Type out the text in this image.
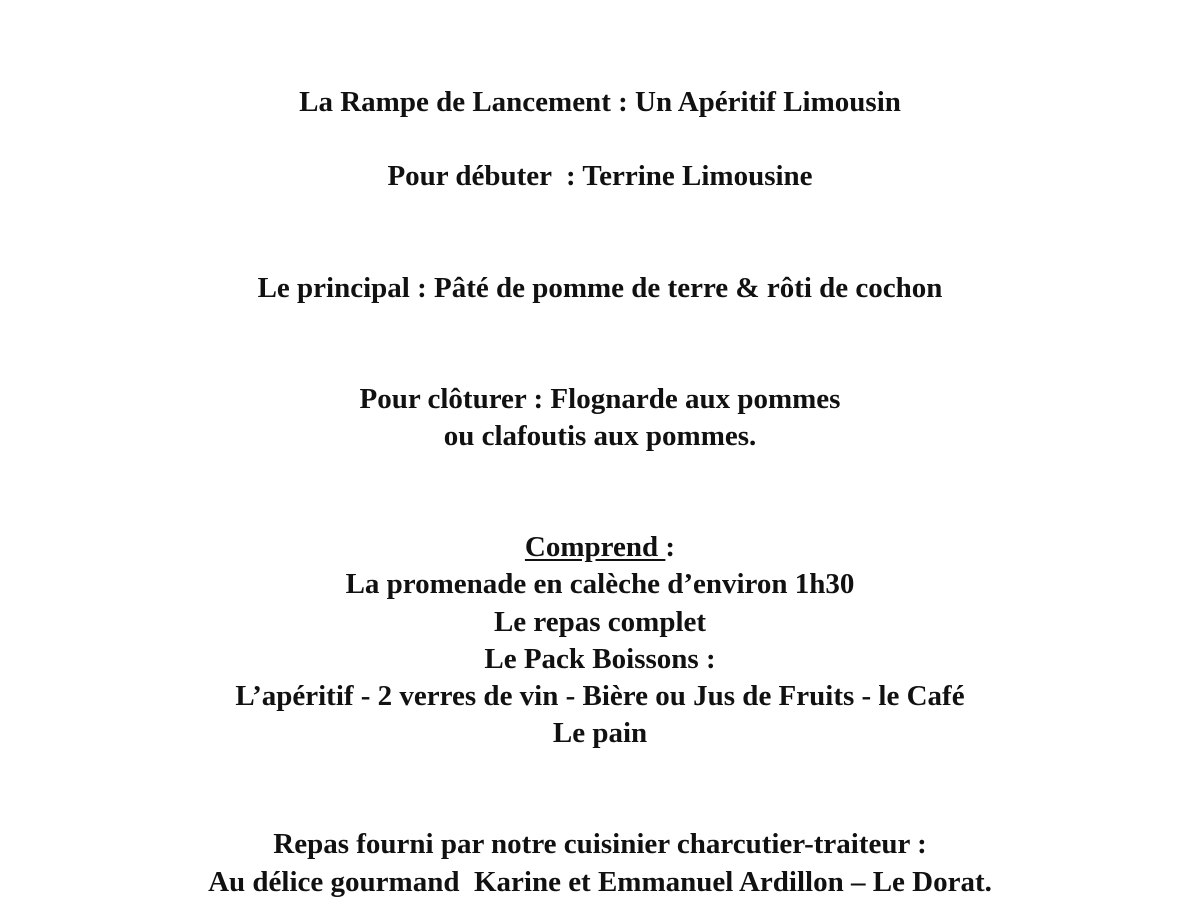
La Rampe de Lancement : Un Apéritif Limousin
Pour débuter  : Terrine Limousine
Le principal : Pâté de pomme de terre & rôti de cochon
Pour clôturer : Flognarde aux pommes
ou clafoutis aux pommes.
Comprend :
La promenade en calèche d’environ 1h30
Le repas complet
Le Pack Boissons :
L’apéritif - 2 verres de vin - Bière ou Jus de Fruits - le Café
Le pain
Repas fourni par notre cuisinier charcutier-traiteur :
Au délice gourmand  Karine et Emmanuel Ardillon – Le Dorat.
